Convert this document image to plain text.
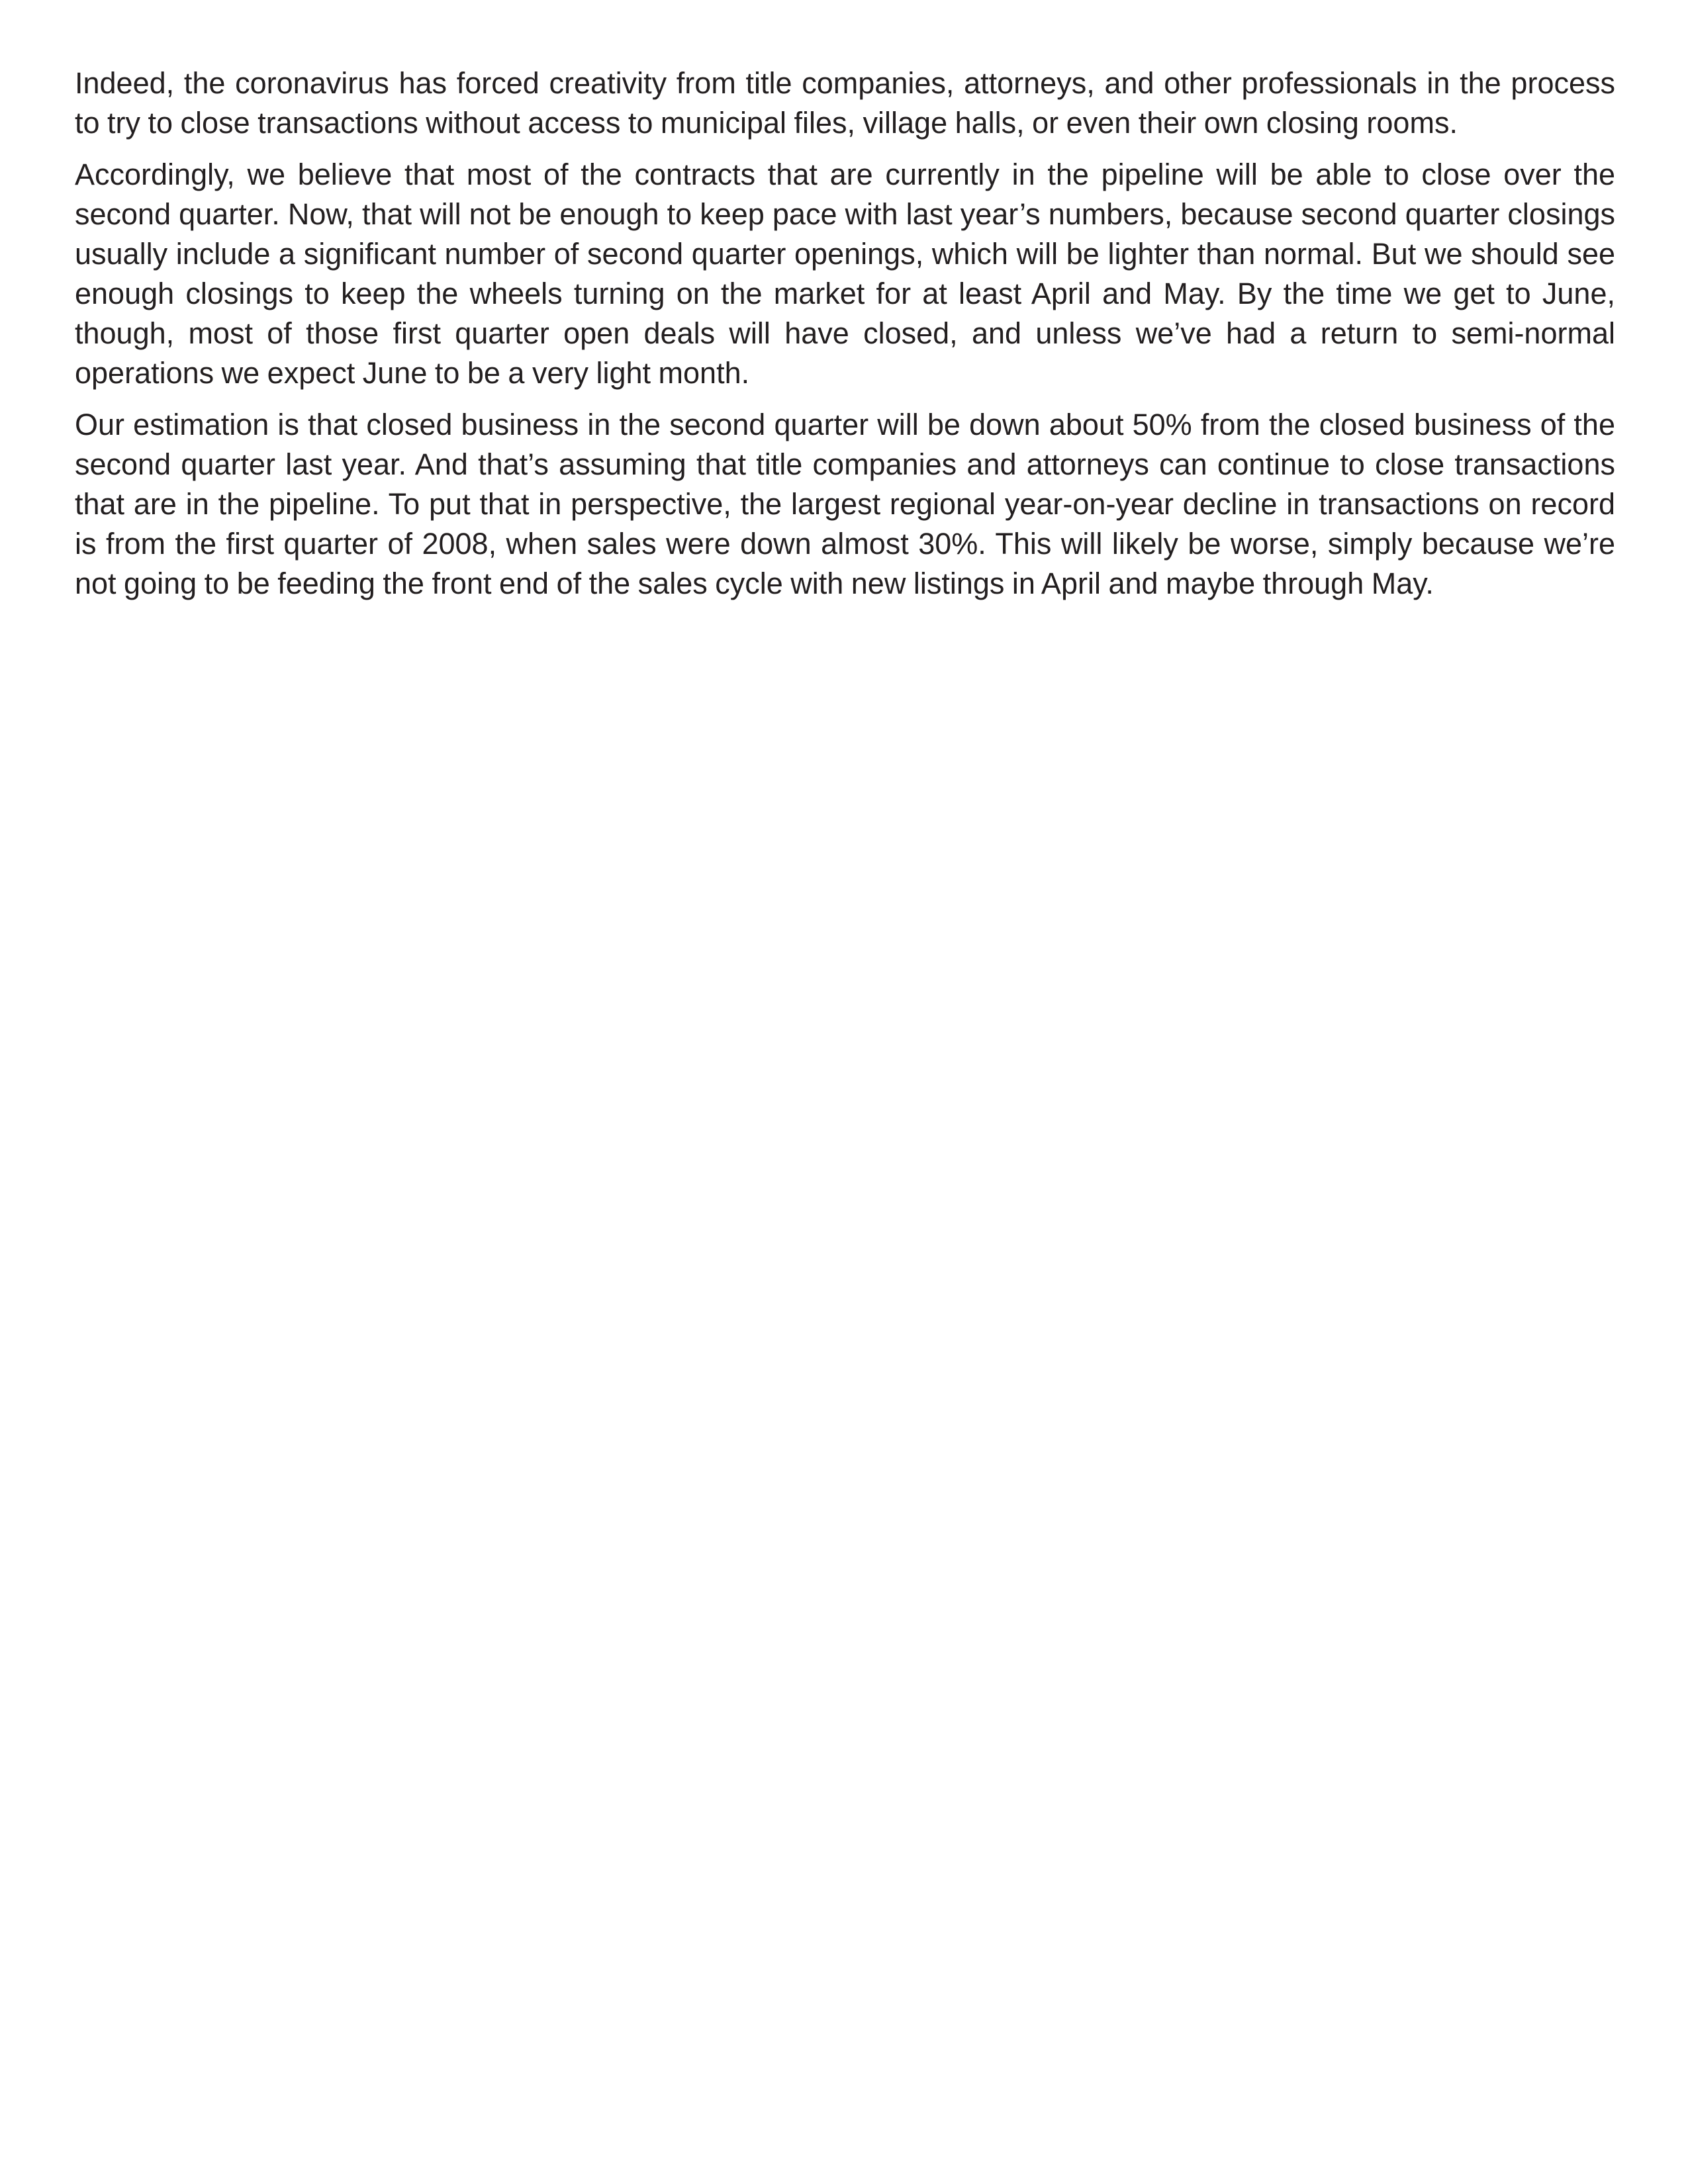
Indeed, the coronavirus has forced creativity from title companies, attorneys, and other professionals in the process to try to close transactions without access to municipal files, village halls, or even their own closing rooms.

Accordingly, we believe that most of the contracts that are currently in the pipeline will be able to close over the second quarter. Now, that will not be enough to keep pace with last year’s numbers, because second quarter closings usually include a significant number of second quarter openings, which will be lighter than normal. But we should see enough closings to keep the wheels turning on the market for at least April and May. By the time we get to June, though, most of those first quarter open deals will have closed, and unless we’ve had a return to semi-normal operations we expect June to be a very light month.

Our estimation is that closed business in the second quarter will be down about 50% from the closed business of the second quarter last year. And that’s assuming that title companies and attorneys can continue to close transactions that are in the pipeline. To put that in perspective, the largest regional year-on-year decline in transactions on record is from the first quarter of 2008, when sales were down almost 30%. This will likely be worse, simply because we’re not going to be feeding the front end of the sales cycle with new listings in April and maybe through May.
